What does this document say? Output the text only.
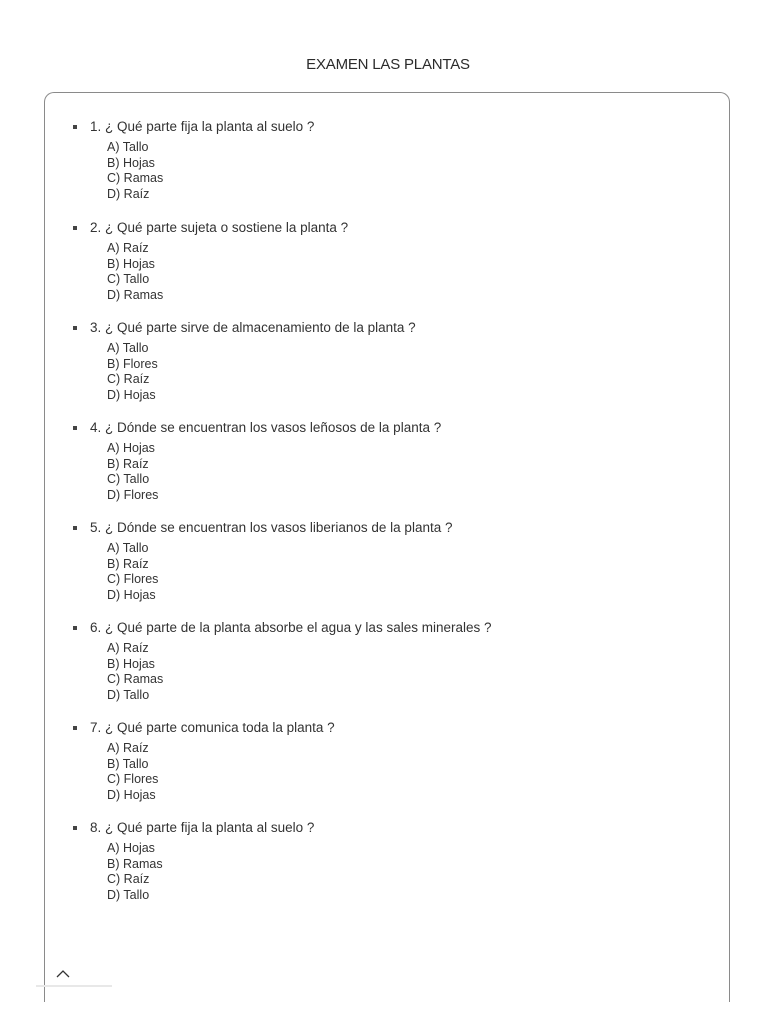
EXAMEN LAS PLANTAS
1. ¿ Qué parte fija la planta al suelo ?
A) Tallo
B) Hojas
C) Ramas
D) Raíz
2. ¿ Qué parte sujeta o sostiene la planta ?
A) Raíz
B) Hojas
C) Tallo
D) Ramas
3. ¿ Qué parte sirve de almacenamiento de la planta ?
A) Tallo
B) Flores
C) Raíz
D) Hojas
4. ¿ Dónde se encuentran los vasos leñosos de la planta ?
A) Hojas
B) Raíz
C) Tallo
D) Flores
5. ¿ Dónde se encuentran los vasos liberianos de la planta ?
A) Tallo
B) Raíz
C) Flores
D) Hojas
6. ¿ Qué parte de la planta absorbe el agua y las sales minerales ?
A) Raíz
B) Hojas
C) Ramas
D) Tallo
7. ¿ Qué parte comunica toda la planta ?
A) Raíz
B) Tallo
C) Flores
D) Hojas
8. ¿ Qué parte fija la planta al suelo ?
A) Hojas
B) Ramas
C) Raíz
D) Tallo
